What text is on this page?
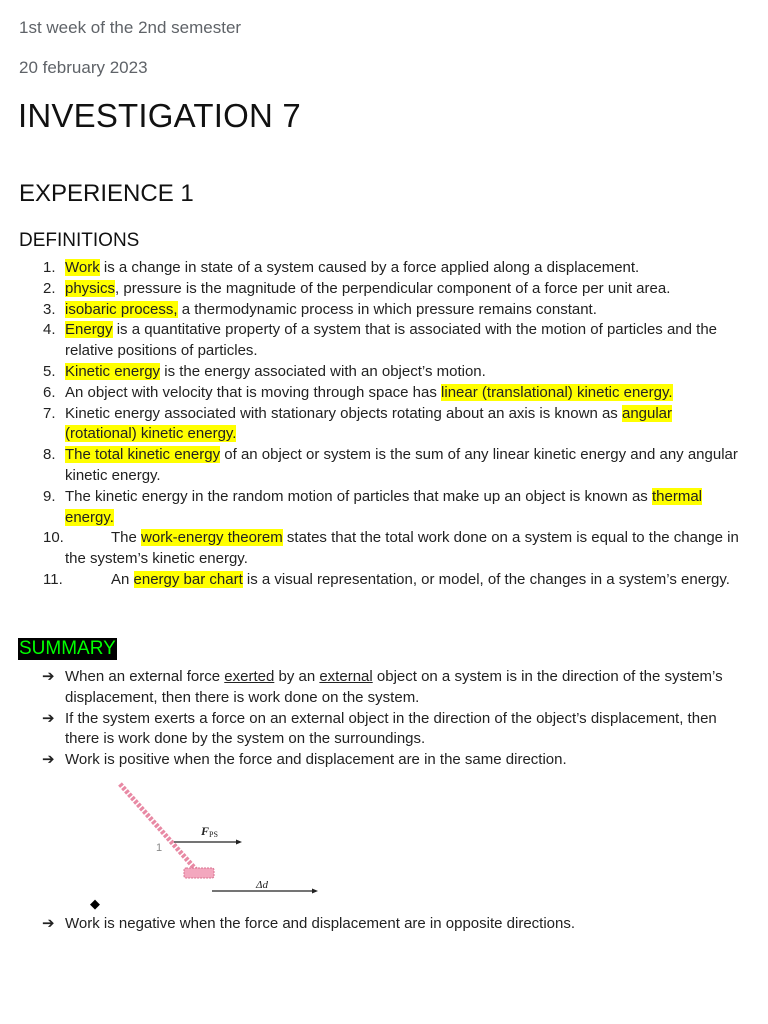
1st week of the 2nd semester
20 february 2023
INVESTIGATION 7
EXPERIENCE 1
DEFINITIONS
1. Work is a change in state of a system caused by a force applied along a displacement.
2. physics, pressure is the magnitude of the perpendicular component of a force per unit area.
3. isobaric process, a thermodynamic process in which pressure remains constant.
4. Energy is a quantitative property of a system that is associated with the motion of particles and the relative positions of particles.
5. Kinetic energy is the energy associated with an object’s motion.
6. An object with velocity that is moving through space has linear (translational) kinetic energy.
7. Kinetic energy associated with stationary objects rotating about an axis is known as angular (rotational) kinetic energy.
8. The total kinetic energy of an object or system is the sum of any linear kinetic energy and any angular kinetic energy.
9. The kinetic energy in the random motion of particles that make up an object is known as thermal energy.
10.	The work-energy theorem states that the total work done on a system is equal to the change in the system’s kinetic energy.
11.	An energy bar chart is a visual representation, or model, of the changes in a system’s energy.
SUMMARY
➔ When an external force exerted by an external object on a system is in the direction of the system’s displacement, then there is work done on the system.
➔ If the system exerts a force on an external object in the direction of the object’s displacement, then there is work done by the system on the surroundings.
➔ Work is positive when the force and displacement are in the same direction.
F PS
1
Δd
◆
➔ Work is negative when the force and displacement are in opposite directions.
